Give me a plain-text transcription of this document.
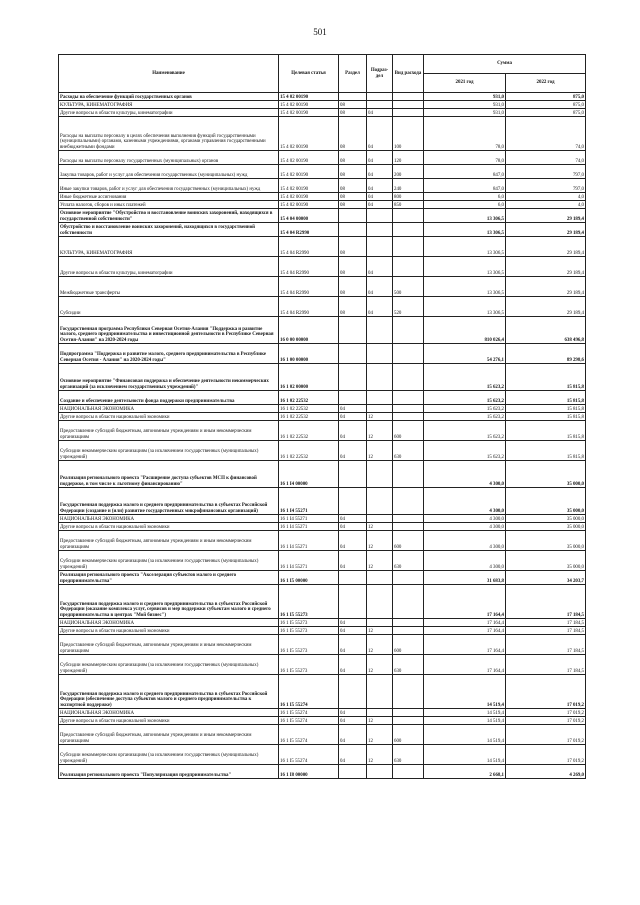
501
Наименование	Целевая статья	Раздел	Подраз-дел	Вид расхода	Сумма	
					2021 год	2022 год
Расходы на обеспечение функций государственных органов	15 4 02 00190				931,0	875,0
КУЛЬТУРА, КИНЕМАТОГРАФИЯ	15 4 02 00190	08			931,0	875,0
Другие вопросы в области культуры, кинематографии	15 4 02 00190	08	04		931,0	875,0
Расходы на выплаты персоналу в целях обеспечения выполнения функций государственными (муниципальными) органами, казенными учреждениями, органами управления государственными внебюджетными фондами	15 4 02 00190	08	04	100	78,0	74,0
Расходы на выплаты персоналу государственных (муниципальных) органов	15 4 02 00190	08	04	120	78,0	74,0
Закупка товаров, работ и услуг для обеспечения государственных (муниципальных) нужд	15 4 02 00190	08	04	200	847,0	797,0
Иные закупки товаров, работ и услуг для обеспечения государственных (муниципальных) нужд	15 4 02 00190	08	04	240	847,0	797,0
Иные бюджетные ассигнования	15 4 02 00190	08	04	800	6,0	4,0
Уплата налогов, сборов и иных платежей	15 4 02 00190	08	04	850	6,0	4,0
Основное мероприятие "Обустройство и восстановление воинских захоронений, находящихся в государственной собственности"	15 4 04 00000				13 306,5	29 189,4
Обустройство и восстановление воинских захоронений, находящихся в государственной собственности	15 4 04 R2990				13 306,5	29 189,4
КУЛЬТУРА, КИНЕМАТОГРАФИЯ	15 4 04 R2990	08			13 306,5	29 189,4
Другие вопросы в области культуры, кинематографии	15 4 04 R2990	08	04		13 306,5	29 189,4
Межбюджетные трансферты	15 4 04 R2990	08	04	500	13 306,5	29 189,4
Субсидии	15 4 04 R2990	08	04	520	13 306,5	29 189,4
Государственная программа Республики Северная Осетия-Алания "Поддержка и развитие малого, среднего предпринимательства и инвестиционной деятельности в Республике Северная Осетия-Алания" на 2020-2024 годы	16 0 00 00000				810 026,4	638 496,8
Подпрограмма "Поддержка и развитие малого, среднего предпринимательства в Республике Северная Осетия - Алания" на 2020-2024 годы"	16 1 00 00000				54 276,1	89 298,6
Основное мероприятие "Финансовая поддержка и обеспечение деятельности некоммерческих организаций (за исключением государственных учреждений)"	16 1 02 00000				15 623,2	15 815,8
Создание и обеспечение деятельности фонда поддержки предпринимательства	16 1 02 22532				15 623,2	15 815,8
НАЦИОНАЛЬНАЯ ЭКОНОМИКА	16 1 02 22532	04			15 623,2	15 815,8
Другие вопросы в области национальной экономики	16 1 02 22532	04	12		15 623,2	15 815,8
Предоставление субсидий бюджетным, автономным учреждениям и иным некоммерческим организациям	16 1 02 22532	04	12	600	15 623,2	15 815,8
Субсидии некоммерческим организациям (за исключением государственных (муниципальных) учреждений)	16 1 02 22532	04	12	630	15 623,2	15 815,8
Реализация регионального проекта "Расширение доступа субъектов МСП к финансовой поддержке, в том числе к льготному финансированию"	16 1 I4 00000				4 300,0	35 000,0
Государственная поддержка малого и среднего предпринимательства в субъектах Российской Федерации (создание и (или) развитие государственных микрофинансовых организаций)	16 1 I4 55271				4 300,0	35 000,0
НАЦИОНАЛЬНАЯ ЭКОНОМИКА	16 1 I4 55271	04			4 300,0	35 000,0
Другие вопросы в области национальной экономики	16 1 I4 55271	04	12		4 300,0	35 000,0
Предоставление субсидий бюджетным, автономным учреждениям и иным некоммерческим организациям	16 1 I4 55271	04	12	600	4 300,0	35 000,0
Субсидии некоммерческим организациям (за исключением государственных (муниципальных) учреждений)	16 1 I4 55271	04	12	630	4 300,0	35 000,0
Реализация регионального проекта "Акселерация субъектов малого и среднего предпринимательства"	16 1 I5 00000				31 683,8	34 203,7
Государственная поддержка малого и среднего предпринимательства в субъектах Российской Федерации (оказание комплекса услуг, сервисов и мер поддержки субъектам малого и среднего предпринимательства в центрах "Мой бизнес")	16 1 I5 55273				17 164,4	17 184,5
НАЦИОНАЛЬНАЯ ЭКОНОМИКА	16 1 I5 55273	04			17 164,4	17 184,5
Другие вопросы в области национальной экономики	16 1 I5 55273	04	12		17 164,4	17 184,5
Предоставление субсидий бюджетным, автономным учреждениям и иным некоммерческим организациям	16 1 I5 55273	04	12	600	17 164,4	17 184,5
Субсидии некоммерческим организациям (за исключением государственных (муниципальных) учреждений)	16 1 I5 55273	04	12	630	17 164,4	17 184,5
Государственная поддержка малого и среднего предпринимательства в субъектах Российской Федерации (обеспечение доступа субъектов малого и среднего предпринимательства к экспортной поддержке)	16 1 I5 55274				14 519,4	17 019,2
НАЦИОНАЛЬНАЯ ЭКОНОМИКА	16 1 I5 55274	04			14 519,4	17 019,2
Другие вопросы в области национальной экономики	16 1 I5 55274	04	12		14 519,4	17 019,2
Предоставление субсидий бюджетным, автономным учреждениям и иным некоммерческим организациям	16 1 I5 55274	04	12	600	14 519,4	17 019,2
Субсидии некоммерческим организациям (за исключением государственных (муниципальных) учреждений)	16 1 I5 55274	04	12	630	14 519,4	17 019,2
Реализация регионального проекта "Популяризация предпринимательства"	16 1 I8 00000				2 668,1	4 269,0
